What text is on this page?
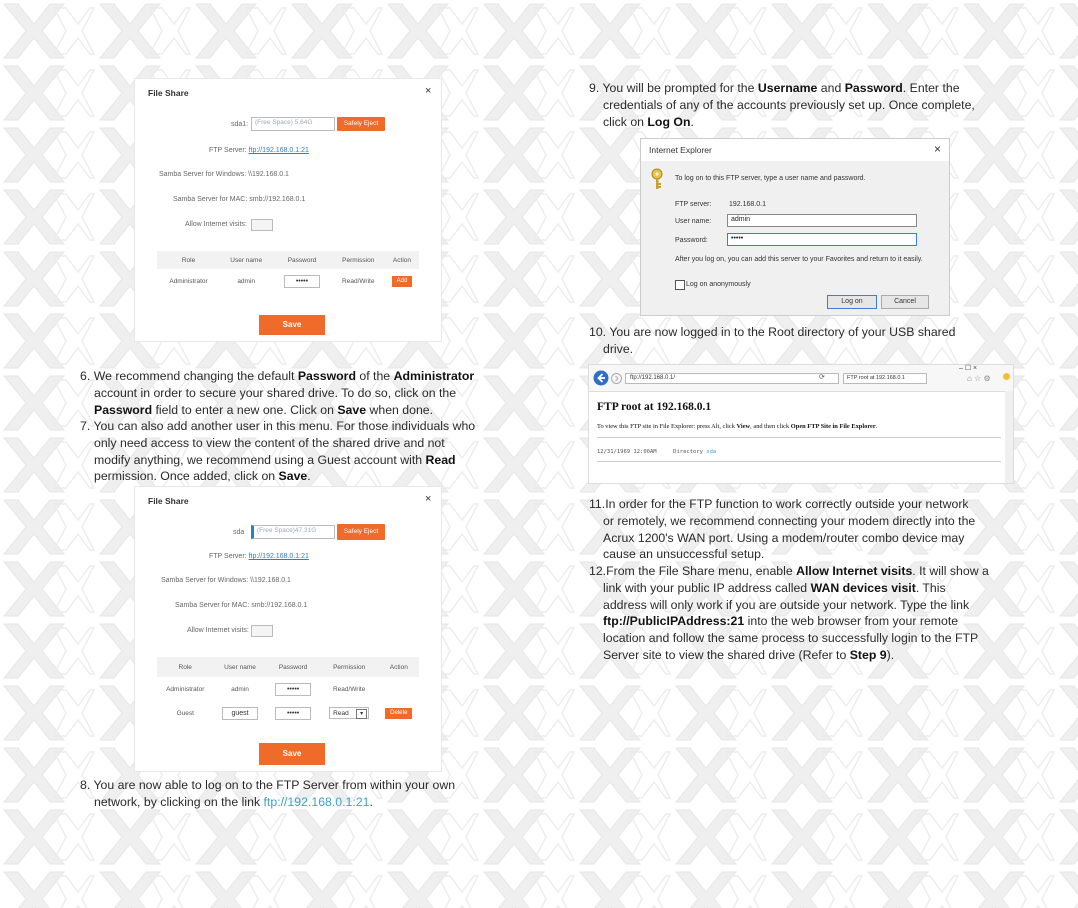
File Share	×
sda1:	(Free Space) 5.64G	Safely Eject
FTP Server: ftp://192.168.0.1:21
Samba Server for Windows: \\192.168.0.1
Samba Server for MAC: smb://192.168.0.1
Allow Internet visits:
Role	User name	Password	Permission	Action
Administrator	admin	•••••	Read/Write	Add
Save
File Share	×
sda	(Free Space)47.31G	Safely Eject
FTP Server: ftp://192.168.0.1:21
Samba Server for Windows: \\192.168.0.1
Samba Server for MAC: smb://192.168.0.1
Allow Internet visits:
Role	User name	Password	Permission	Action
Administrator	admin	•••••	Read/Write	
Guest	guest	•••••	Read ▾	Delete
Save
6. We recommend changing the default Password of the Administrator
account in order to secure your shared drive. To do so, click on the
Password field to enter a new one. Click on Save when done.
7. You can also add another user in this menu. For those individuals who
only need access to view the content of the shared drive and not
modify anything, we recommend using a Guest account with Read
permission. Once added, click on Save.
8. You are now able to log on to the FTP Server from within your own
network, by clicking on the link ftp://192.168.0.1:21.
9. You will be prompted for the Username and Password. Enter the
credentials of any of the accounts previously set up. Once complete,
click on Log On.
Internet Explorer	×
To log on to this FTP server, type a user name and password.
FTP server:	192.168.0.1
User name:	admin
Password:	•••••
After you log on, you can add this server to your Favorites and return to it easily.
Log on anonymously
Log on	Cancel
10. You are now logged in to the Root directory of your USB shared
drive.
ftp://192.168.0.1/	⟳	FTP root at 192.168.0.1
– ☐ ×
⌂ ☆ ⚙
FTP root at 192.168.0.1
To view this FTP site in File Explorer: press Alt, click View, and then click Open FTP Site in File Explorer.
12/31/1969 12:00AM	Directory sda
11.In order for the FTP function to work correctly outside your network
or remotely, we recommend connecting your modem directly into the
Acrux 1200's WAN port. Using a modem/router combo device may
cause an unsuccessful setup.
12.From the File Share menu, enable Allow Internet visits. It will show a
link with your public IP address called WAN devices visit. This
address will only work if you are outside your network. Type the link
ftp://PublicIPAddress:21 into the web browser from your remote
location and follow the same process to successfully login to the FTP
Server site to view the shared drive (Refer to Step 9).
